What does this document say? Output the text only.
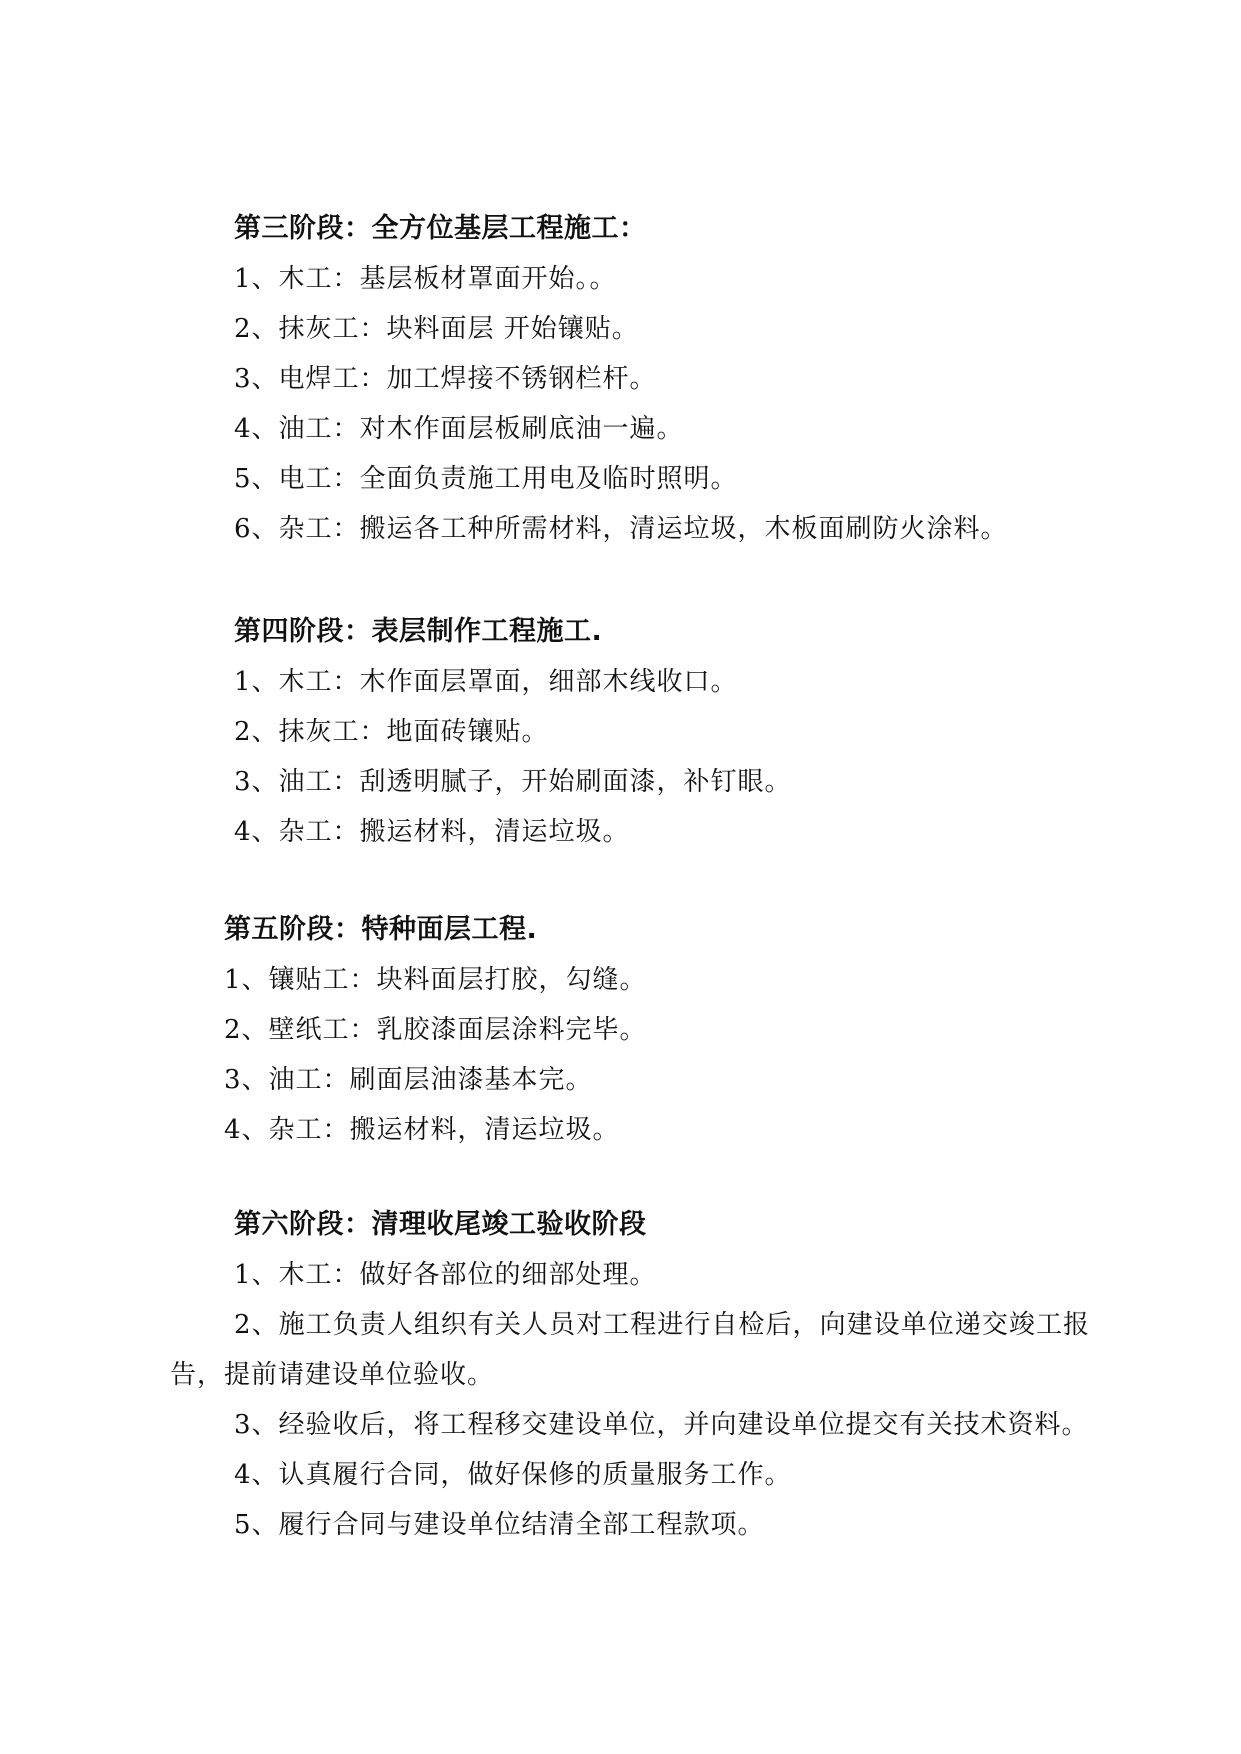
第三阶段：全方位基层工程施工：
1、木工：基层板材罩面开始。。
2、抹灰工：块料面层 开始镶贴。
3、电焊工：加工焊接不锈钢栏杆。
4、油工：对木作面层板刷底油一遍。
5、电工：全面负责施工用电及临时照明。
6、杂工：搬运各工种所需材料，清运垃圾，木板面刷防火涂料。
第四阶段：表层制作工程施工.
1、木工：木作面层罩面，细部木线收口。
2、抹灰工：地面砖镶贴。
3、油工：刮透明腻子，开始刷面漆，补钉眼。
4、杂工：搬运材料，清运垃圾。
第五阶段：特种面层工程.
1、镶贴工：块料面层打胶，勾缝。
2、壁纸工：乳胶漆面层涂料完毕。
3、油工：刷面层油漆基本完。
4、杂工：搬运材料，清运垃圾。
第六阶段：清理收尾竣工验收阶段
1、木工：做好各部位的细部处理。
2、施工负责人组织有关人员对工程进行自检后，向建设单位递交竣工报告，提前请建设单位验收。
3、经验收后，将工程移交建设单位，并向建设单位提交有关技术资料。
4、认真履行合同，做好保修的质量服务工作。
5、履行合同与建设单位结清全部工程款项。
